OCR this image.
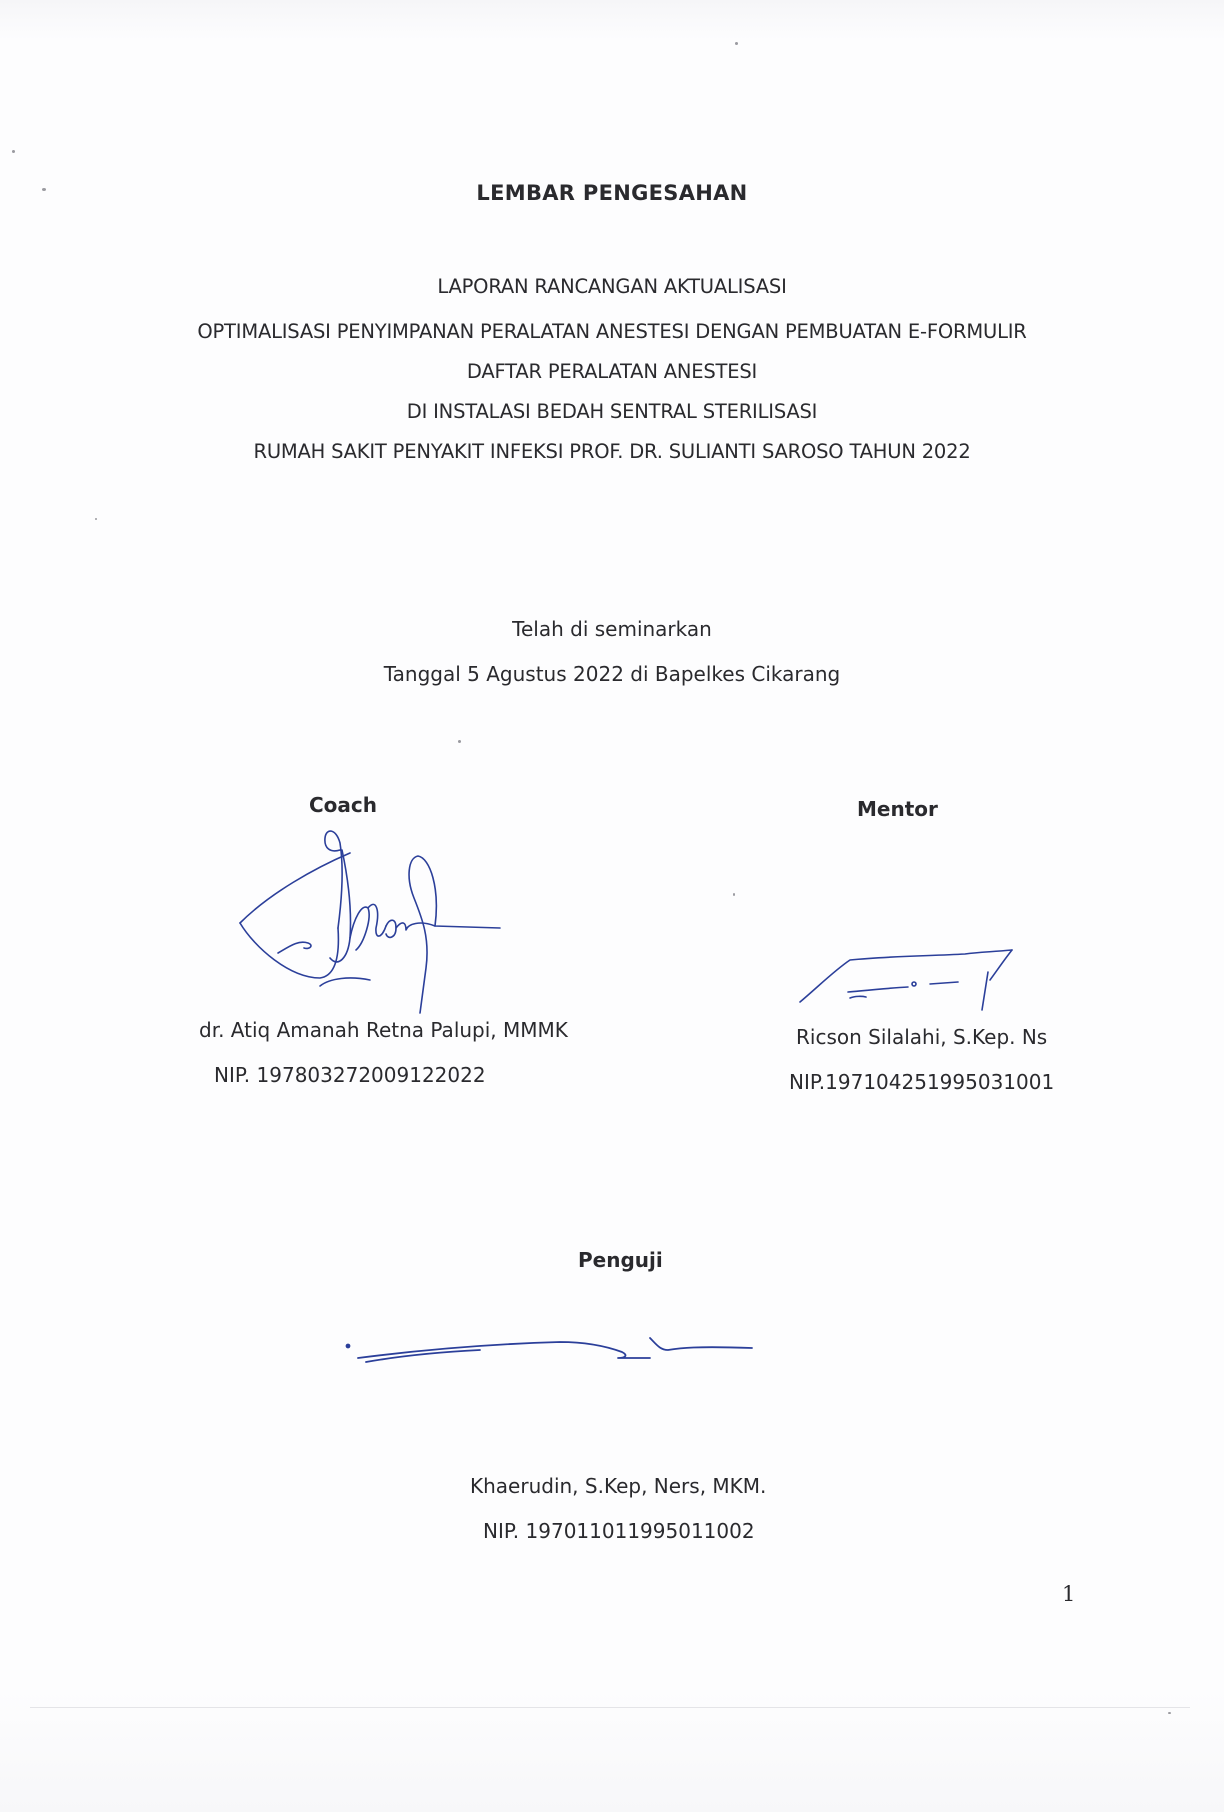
LEMBAR PENGESAHAN
LAPORAN RANCANGAN AKTUALISASI
OPTIMALISASI PENYIMPANAN PERALATAN ANESTESI DENGAN PEMBUATAN E-FORMULIR
DAFTAR PERALATAN ANESTESI
DI INSTALASI BEDAH SENTRAL STERILISASI
RUMAH SAKIT PENYAKIT INFEKSI PROF. DR. SULIANTI SAROSO TAHUN 2022
Telah di seminarkan
Tanggal 5 Agustus 2022 di Bapelkes Cikarang
Coach
dr. Atiq Amanah Retna Palupi, MMMK
NIP. 197803272009122022
Mentor
Ricson Silalahi, S.Kep. Ns
NIP.197104251995031001
Penguji
Khaerudin, S.Kep, Ners, MKM.
NIP. 197011011995011002
1
